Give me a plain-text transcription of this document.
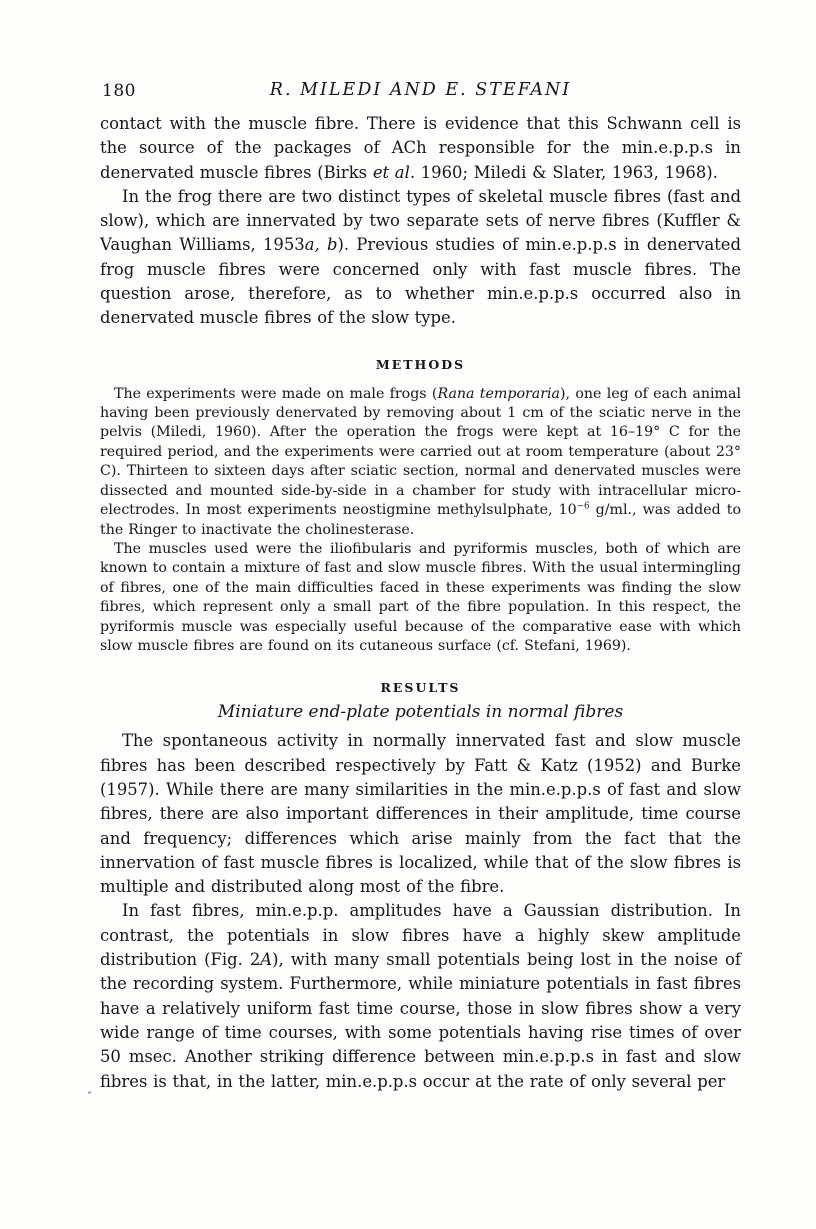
180	R. MILEDI AND E. STEFANI

contact with the muscle fibre. There is evidence that this Schwann cell is the source of the packages of ACh responsible for the min.e.p.p.s in denervated muscle fibres (Birks et al. 1960; Miledi & Slater, 1963, 1968).

In the frog there are two distinct types of skeletal muscle fibres (fast and slow), which are innervated by two separate sets of nerve fibres (Kuffler & Vaughan Williams, 1953a, b). Previous studies of min.e.p.p.s in denervated frog muscle fibres were concerned only with fast muscle fibres. The question arose, therefore, as to whether min.e.p.p.s occurred also in denervated muscle fibres of the slow type.

METHODS

The experiments were made on male frogs (Rana temporaria), one leg of each animal having been previously denervated by removing about 1 cm of the sciatic nerve in the pelvis (Miledi, 1960). After the operation the frogs were kept at 16–19° C for the required period, and the experiments were carried out at room temperature (about 23° C). Thirteen to sixteen days after sciatic section, normal and denervated muscles were dissected and mounted side-by-side in a chamber for study with intracellular micro-electrodes. In most experiments neostigmine methylsulphate, $10^{-6}$ g/ml., was added to the Ringer to inactivate the cholinesterase.

The muscles used were the iliofibularis and pyriformis muscles, both of which are known to contain a mixture of fast and slow muscle fibres. With the usual intermingling of fibres, one of the main difficulties faced in these experiments was finding the slow fibres, which represent only a small part of the fibre population. In this respect, the pyriformis muscle was especially useful because of the comparative ease with which slow muscle fibres are found on its cutaneous surface (cf. Stefani, 1969).

RESULTS
Miniature end-plate potentials in normal fibres

The spontaneous activity in normally innervated fast and slow muscle fibres has been described respectively by Fatt & Katz (1952) and Burke (1957). While there are many similarities in the min.e.p.p.s of fast and slow fibres, there are also important differences in their amplitude, time course and frequency; differences which arise mainly from the fact that the innervation of fast muscle fibres is localized, while that of the slow fibres is multiple and distributed along most of the fibre.

In fast fibres, min.e.p.p. amplitudes have a Gaussian distribution. In contrast, the potentials in slow fibres have a highly skew amplitude distribution (Fig. 2A), with many small potentials being lost in the noise of the recording system. Furthermore, while miniature potentials in fast fibres have a relatively uniform fast time course, those in slow fibres show a very wide range of time courses, with some potentials having rise times of over 50 msec. Another striking difference between min.e.p.p.s in fast and slow fibres is that, in the latter, min.e.p.p.s occur at the rate of only several per
